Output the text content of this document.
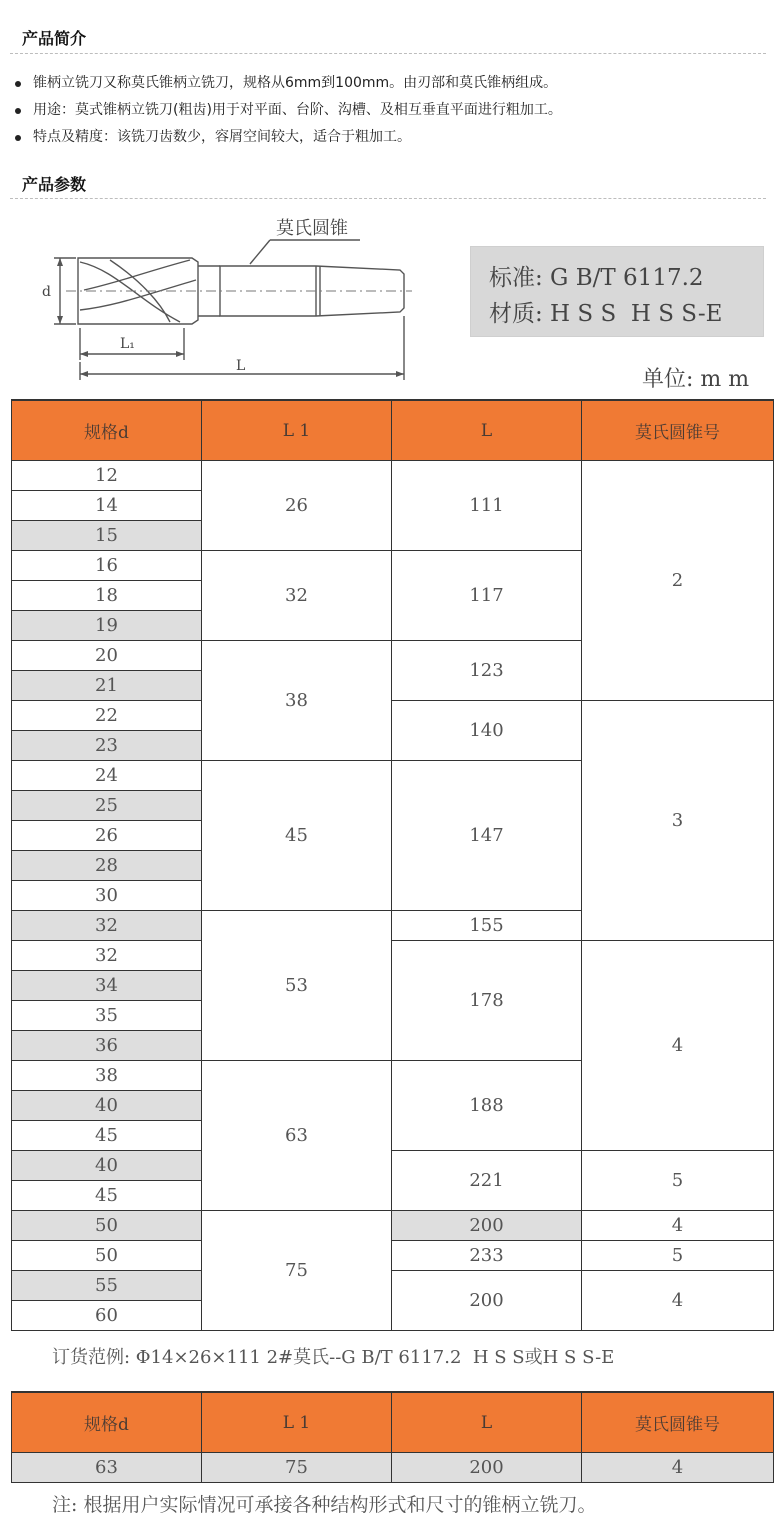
产品简介
锥柄立铣刀又称莫氏锥柄立铣刀，规格从6mm到100mm。由刃部和莫氏锥柄组成。
用途：莫式锥柄立铣刀(粗齿)用于对平面、台阶、沟槽、及相互垂直平面进行粗加工。
特点及精度：该铣刀齿数少，容屑空间较大，适合于粗加工。
产品参数
莫氏圆锥
d
L₁
L
标准: G B/T 6117.2
材质: H S S  H S S-E
单位: m m
规格d	L 1	L	莫氏圆锥号
12	26	111	2
14			
15			
16	32	117	
18			
19			
20	38	123	
21			
22		140	3
23			
24	45	147	
25			
26			
28			
30			
32	53	155	
32		178	4
34			
35			
36			
38	63	188	
40			
45			
40		221	5
45			
50	75	200	4
50		233	5
55		200	4
60			
订货范例: Φ14×26×111 2#莫氏--G B/T 6117.2  H S S或H S S-E
规格d	L 1	L	莫氏圆锥号
63	75	200	4
注: 根据用户实际情况可承接各种结构形式和尺寸的锥柄立铣刀。
